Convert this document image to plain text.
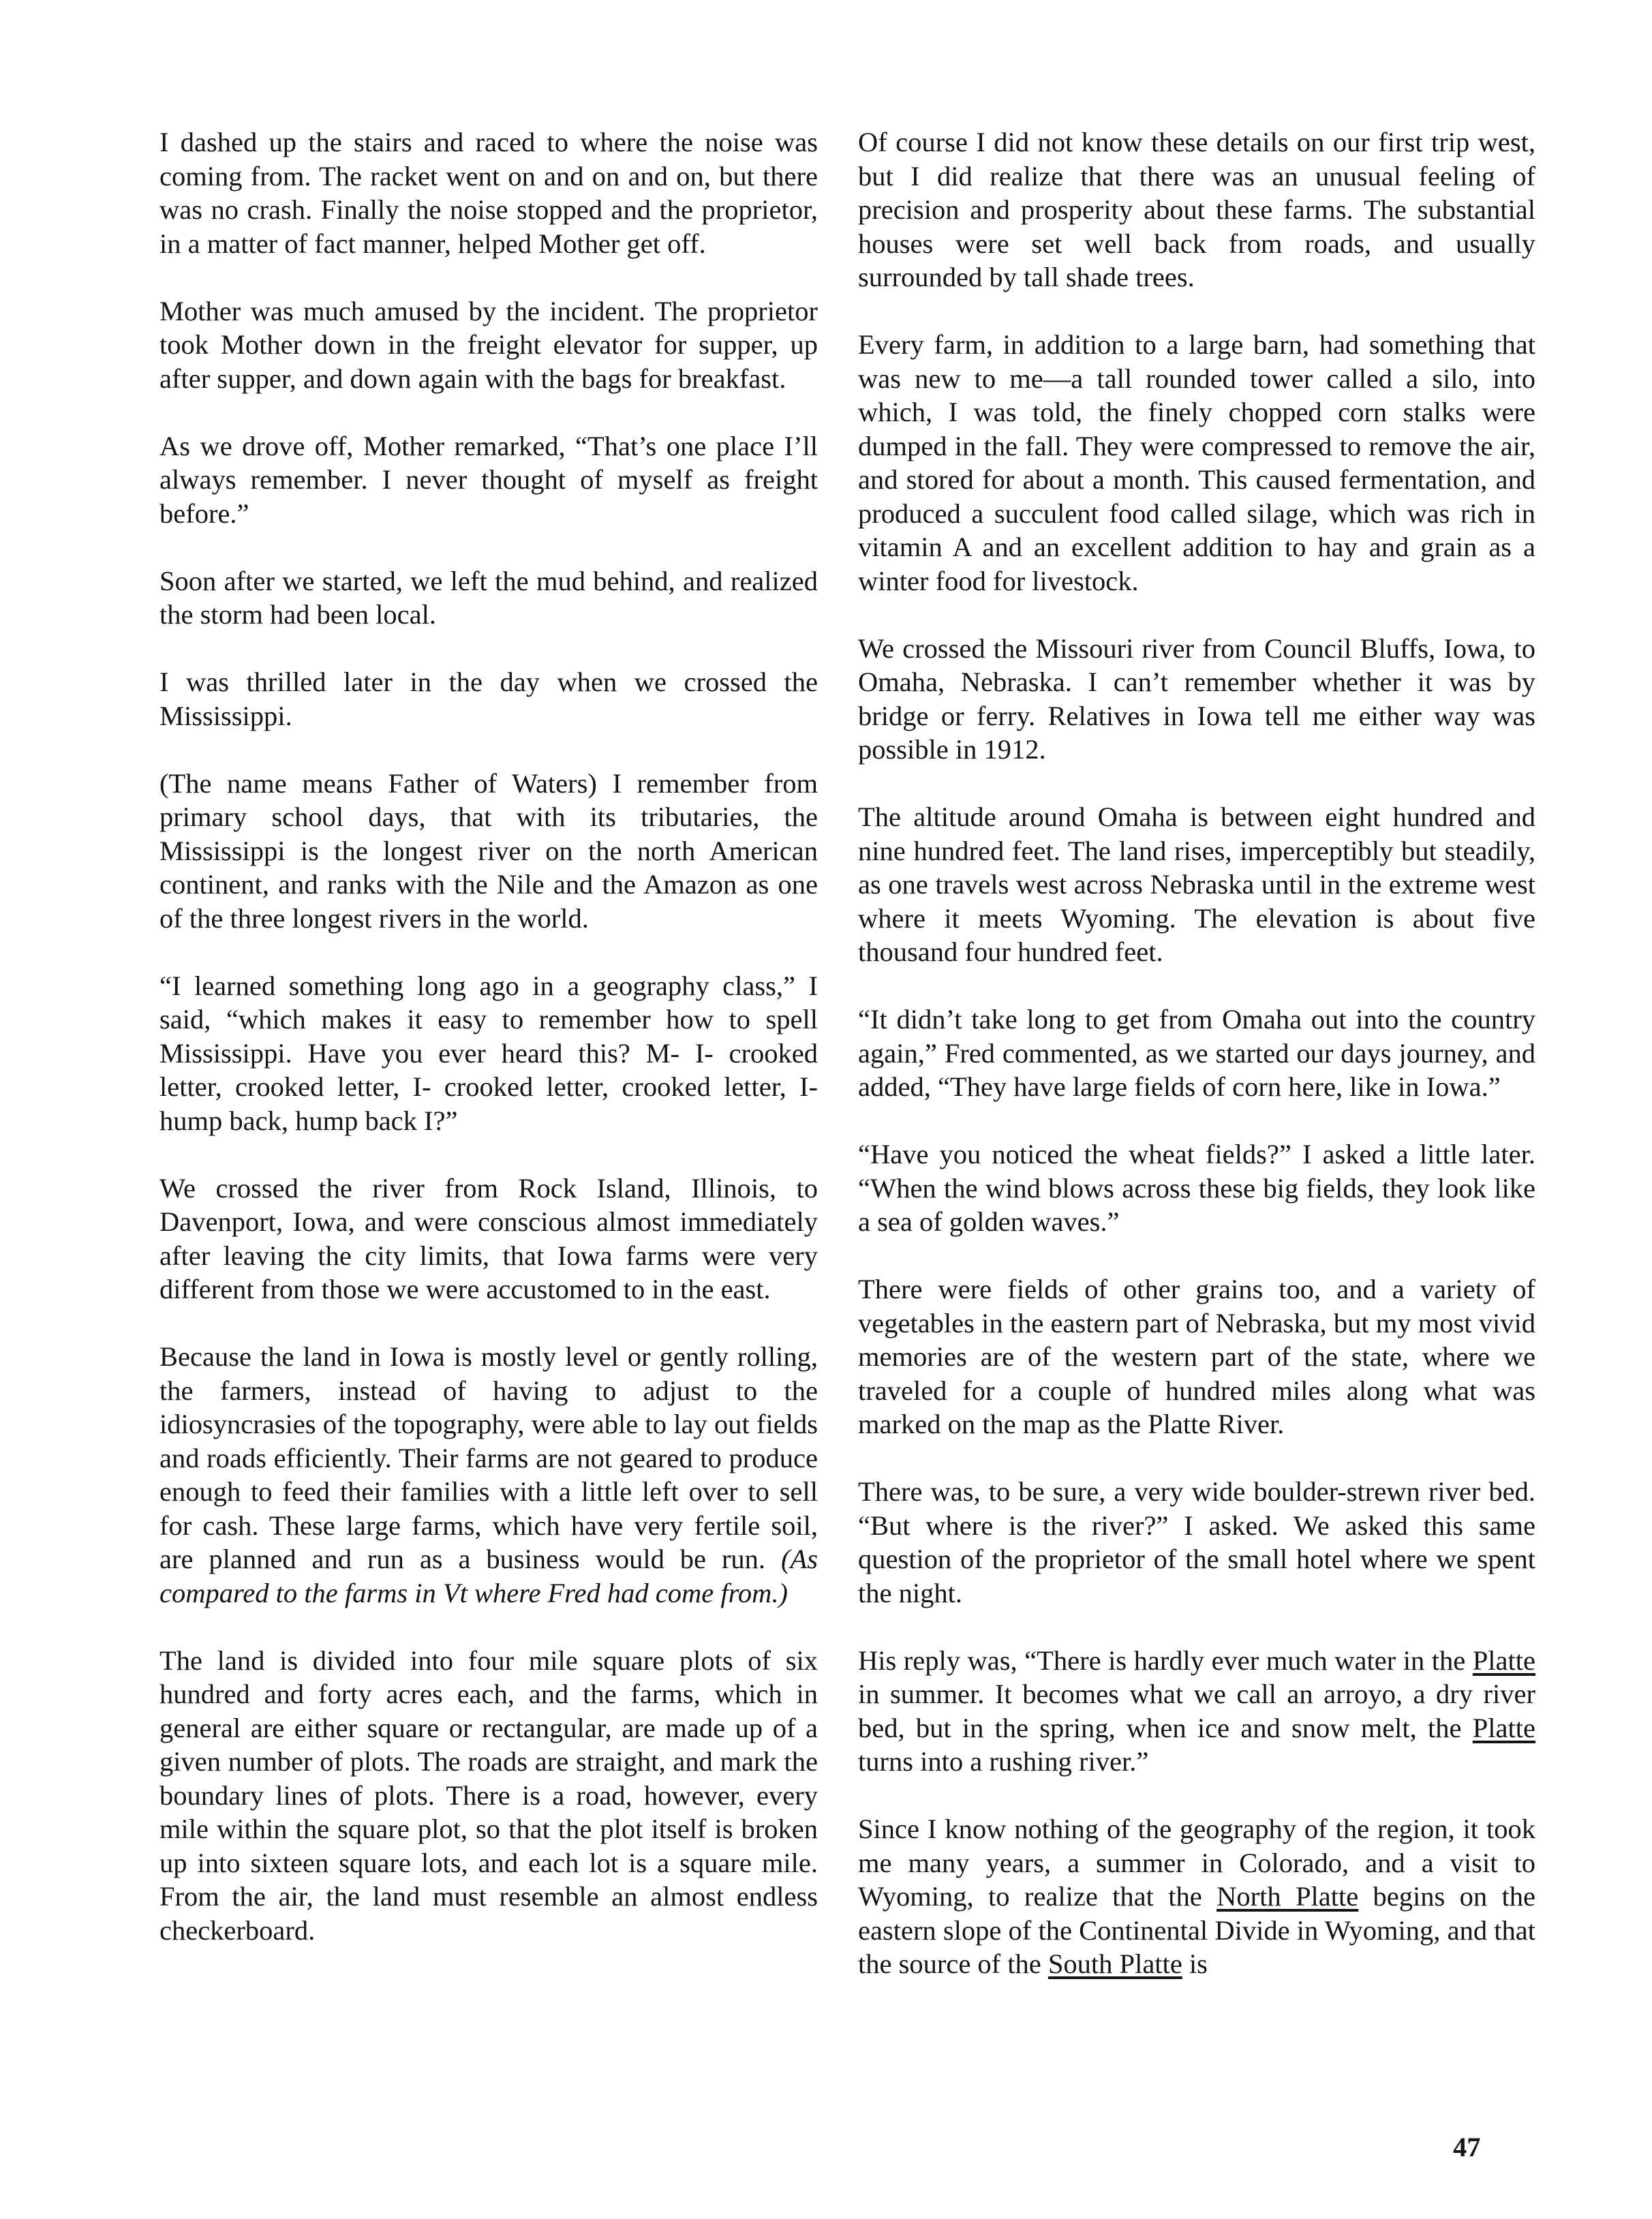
I dashed up the stairs and raced to where the noise was coming from. The racket went on and on and on, but there was no crash. Finally the noise stopped and the proprietor, in a matter of fact manner, helped Mother get off.

Mother was much amused by the incident. The proprietor took Mother down in the freight elevator for supper, up after supper, and down again with the bags for breakfast.

As we drove off, Mother remarked, “That’s one place I’ll always remember. I never thought of myself as freight before.”

Soon after we started, we left the mud behind, and realized the storm had been local.

I was thrilled later in the day when we crossed the Mississippi.

(The name means Father of Waters) I remember from primary school days, that with its tributaries, the Mississippi is the longest river on the north American continent, and ranks with the Nile and the Amazon as one of the three longest rivers in the world.

“I learned something long ago in a geography class,” I said, “which makes it easy to remember how to spell Mississippi. Have you ever heard this? M- I- crooked letter, crooked letter, I- crooked letter, crooked letter, I- hump back, hump back I?”

We crossed the river from Rock Island, Illinois, to Davenport, Iowa, and were conscious almost immediately after leaving the city limits, that Iowa farms were very different from those we were accustomed to in the east.

Because the land in Iowa is mostly level or gently rolling, the farmers, instead of having to adjust to the idiosyncrasies of the topography, were able to lay out fields and roads efficiently. Their farms are not geared to produce enough to feed their families with a little left over to sell for cash. These large farms, which have very fertile soil, are planned and run as a business would be run. (As compared to the farms in Vt where Fred had come from.)

The land is divided into four mile square plots of six hundred and forty acres each, and the farms, which in general are either square or rectangular, are made up of a given number of plots. The roads are straight, and mark the boundary lines of plots. There is a road, however, every mile within the square plot, so that the plot itself is broken up into sixteen square lots, and each lot is a square mile. From the air, the land must resemble an almost endless checkerboard.

Of course I did not know these details on our first trip west, but I did realize that there was an unusual feeling of precision and prosperity about these farms. The substantial houses were set well back from roads, and usually surrounded by tall shade trees.

Every farm, in addition to a large barn, had something that was new to me—a tall rounded tower called a silo, into which, I was told, the finely chopped corn stalks were dumped in the fall. They were compressed to remove the air, and stored for about a month. This caused fermentation, and produced a succulent food called silage, which was rich in vitamin A and an excellent addition to hay and grain as a winter food for livestock.

We crossed the Missouri river from Council Bluffs, Iowa, to Omaha, Nebraska. I can’t remember whether it was by bridge or ferry. Relatives in Iowa tell me either way was possible in 1912.

The altitude around Omaha is between eight hundred and nine hundred feet. The land rises, imperceptibly but steadily, as one travels west across Nebraska until in the extreme west where it meets Wyoming. The elevation is about five thousand four hundred feet.

“It didn’t take long to get from Omaha out into the country again,” Fred commented, as we started our days journey, and added, “They have large fields of corn here, like in Iowa.”

“Have you noticed the wheat fields?” I asked a little later. “When the wind blows across these big fields, they look like a sea of golden waves.”

There were fields of other grains too, and a variety of vegetables in the eastern part of Nebraska, but my most vivid memories are of the western part of the state, where we traveled for a couple of hundred miles along what was marked on the map as the Platte River.

There was, to be sure, a very wide boulder-strewn river bed. “But where is the river?” I asked. We asked this same question of the proprietor of the small hotel where we spent the night.

His reply was, “There is hardly ever much water in the Platte in summer. It becomes what we call an arroyo, a dry river bed, but in the spring, when ice and snow melt, the Platte turns into a rushing river.”

Since I know nothing of the geography of the region, it took me many years, a summer in Colorado, and a visit to Wyoming, to realize that the North Platte begins on the eastern slope of the Continental Divide in Wyoming, and that the source of the South Platte is

47
